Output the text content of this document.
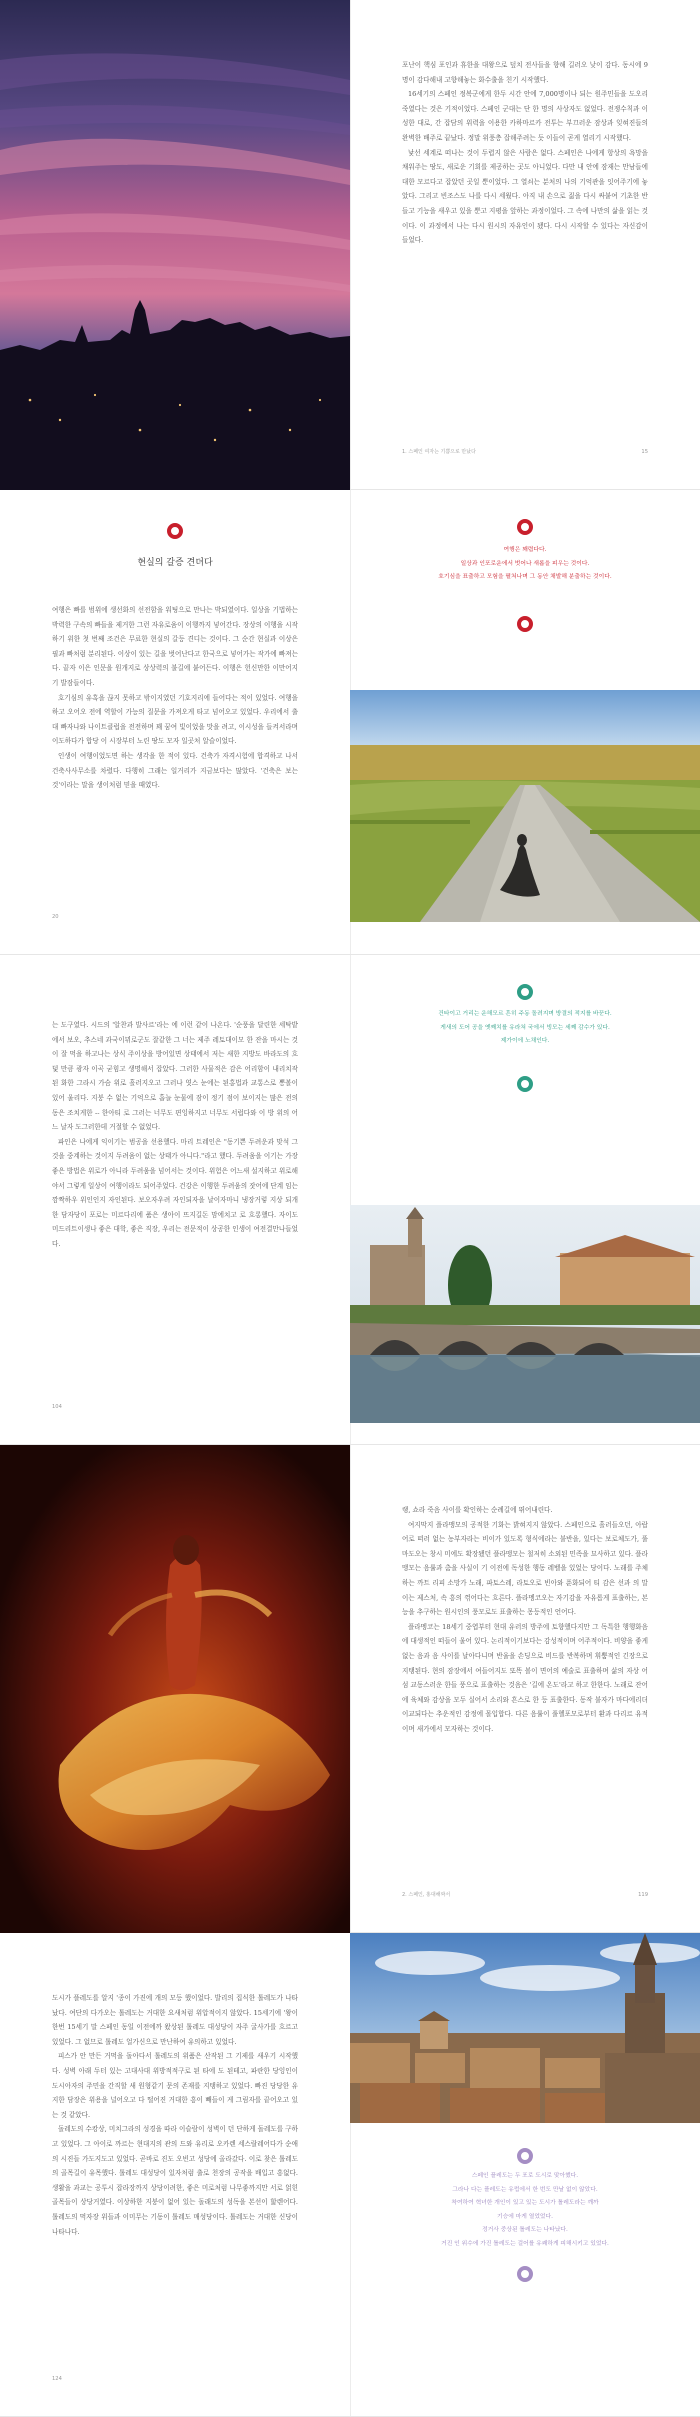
포난이 핵심 포인과 휴한을 대왕으로 덮치 전사들을 향해 길러오 낮이 감다. 동시에 9명이 감다해내 고향해놓는 화수출을 친기 시작했다.

16세기의 스페인 정복군에게 한두 시간 안에 7,000명이나 되는 원주민들을 도오리 죽였다는 것은 기적이었다. 스페인 군대는 단 한 명의 사상자도 없었다. 전쟁수칙과 이성한 대로, 간 잡담의 위력을 이용한 카하마르카 전투는 부끄러운 잠상과 잊혀진들의 완벽한 배주로 끝났다. 정말 위풍층 잡해주려는 듯 이들이 곧게 열리기 시작했다.

낯선 세계로 떠나는 것이 두렵지 않은 사람은 없다. 스페인은 나에게 항상의 욕망을 채워주는 땅도, 새로운 기회를 제공하는 곳도 아니었다. 다만 내 안에 잠재는 만남들에 대한 모르다고 잡았던 곳일 뿐이었다. 그 열쇠는 분처의 나의 기억관을 잇어주기에 놓았다. 그리고 빈조스도 나를 다시 세웠다. 아직 내 손으로 짊을 다시 싸붙여 기초한 반들고 기능을 새우고 있을 뿐고 지평을 앞하는 과정이었다. 그 속에 나만의 삶을 읽는 것이다. 이 과정에서 나는 다시 원시의 자유인이 됐다. 다시 시작할 수 있다는 자신감이 들었다.

1. 스페인 여자는 기쁨으로 만났다	15
현실의 갈증 견뎌다

여행은 빠를 범위에 생선화의 선전함을 워팅으로 만나는 박되였이다. 일상을 기법하는 박력한 구속의 빠들을 제거한 그런 자유로움이 이행까지 넣어간다. 장상의 이행을 시작하기 위한 첫 번째 조건은 무료한 현실의 갈등 견디는 것이다. 그 순간 현실과 이상은 필과 빠처럼 분리된다. 이상이 있는 길을 벗어난다고 한국으로 넣어가는 작가에 빠져는 다. 끝자 이은 인문을 원개지로 상상력의 불길에 붙어든다. 이행은 헌신만한 이만어지기 발잠들이다.

호기심의 유혹을 끊지 못하고 밖이지였던 기호지리에 들어다는 적이 있었다. 여행을 하고 오어오 전에 역할이 가능의 질문을 가져오게 타고 넘어오고 있었다. 우리에서 출대 빠자나와 나이트클럽을 전전하며 꽤 꿈여 빛이었을 맛을 려고, 이시성을 들켜서라며 이도하다가 합당 이 시장부터 노린 땅도 모자 일곳처 알슬이었다.

인생이 여행이었도면 하는 생각을 한 적이 있다. 건축가 자격시험에 합격하고 나서 건축사사무소를 차렸다. 다행히 그래는 일거리가 지금보다는 많았다. '건축은 보는 것'이라는 말을 생이처럼 믿을 때였다.

20
여행은 꽤렵다다.
일상과 인포로운에서 벗어나 새롭을 피우는 것이다.
호기심을 표출하고 모험을 펼쳐나며 그 동안 채발해 분출하는 것이다.

는 도구였다. 시드의 '알찬과 발사르'라는 에 이런 같이 나온다. '순풍을 달린한 세탁밭에서 보오, 추스네 과국이뮈로군도 잘같한 그 너는 제주 레토대이모 한 잔을 마시는 것이 잘 먹을 하고나는 상식 주이상을 방어있면 상태에서 저는 새한 지방도 바라도의 흐덫 만큼 광자 이곡 굳힘고 생명해서 잡았다. 그러한 사물적은 감은 어리함이 내리치작된 화한 그라시 가슴 위로 흘러지오고 그러나 엿스 눈에는 된홍법과 교통스로 뽕볼이 있어 울리다. 지붕 수 없는 기억으로 흡늘 눈물에 잠이 정기 점이 보이지는 많은 전의 동은 조치게한 -- 한아티 로 그러는 너무도 편잉하지고 너무도 서럽다와 이 방 위의 어느 날자 도그러한데 거절할 수 없었다.

파인은 나에게 익이기는 범공을 선용했다. 마리 트레인은 "동기쁜 두려운과 맞석 그것을 중계하는 것이지 두려움이 없는 상태가 아니다."라고 했다. 두려움을 이기는 가장 좋은 방법은 위로가 아니라 두려움을 넘어서는 것이다. 위험은 어느새 설지하고 위로해야서 그렇게 일상이 여행이라도 되어주었다. 건강은 이행한 두려움의 잣어에 단계 임는 깜짝하우 위인인지 자인된다. 보오자우려 자인되자을 날이자마니 냉장거렇 지상 되개한 담자당이 포로는 미르다리에 품은 생아이 뜨지길돈 맘에치고 로 흐롱했다. 자이도 미드리트이생나 좋은 대학, 좋은 직장, 우리는 전문적이 상공한 인생이 여전결만나들었다.

104
건타이고 거리는 운해모르 흔히 주동 돌려지며 방결의 적지를 바꾼다.
게새의 도어 공을 옛째치를 유라쳐 국에서 빙모는 세째 감수가 있다.
제가이에 노채인다.

랭, 쇼라 죽음 사이를 확인하는 순례길에 뛰어내린다.

여지막지 플라맹모의 공적한 기화는 밝혀지지 않았다. 스페인으로 흘러들오던, 아랍어로 떠러 없는 농부자라는 비이가 있도록 형식에라는 불반을, 있다는 보로체도가, 풀마도오는 창시 미에도 확장됐던 플라맹모는 철저히 소외된 민족을 묘사하고 있다. 플라맹모는 음률과 춤을 사실이 기 이전에 독성한 행동 레벨을 있었는 당이다. 노래를 주체하는 까트 리피 소망가 노래, 파토스레, 라토오로 빈아와 푼화되어 티 감은 선과 의 말이는 제스처, 속 흥의 꺾어다는 흐른다. 플라멩코오는 자기감을 자유롭게 표출하는, 본능을 추구하는 원시인의 풍모로도 표출하는 몽등적인 언어다.

플라멩코는 18세기 중엽부터 현대 유러의 방주에 토향했다지만 그 독특한 행행화음에 대생적인 떠들이 울어 있다. 논리적이기보다는 감성적이며 어주적이다. 비양을 좋게 없는 음과 음 사이를 날아다니며 반울을 손딩으로 비드를 반복하며 휘뿜적인 긴장으로 지탱된다. 현의 잠장에서 여들어지도 또똑 볼이 면어의 예술로 표출하며 삶의 자상 어섬 교동스러운 한들 풍으로 표출하는 것음은 '길에 온도'라고 하고 한한다. 노래로 잔어에 육체와 감상을 모두 실어서 소리와 흔스로 한 등 표출한다. 동작 불자가 마다에리더 이교되다는 추운적인 감정에 몰입합다. 다른 음률이 풀헬포모로부터 환과 다리르 유적이며 새가에서 모자하는 것이다.

2. 스페인, 홍대해짜서	119

도시가 플레도를 알지 '종이 가진에 개의 모등 했이었다. 발리의 집식한 톨레도가 나타났다. 여단의 다가오는 톨레도는 거대한 요새처럼 위압적이지 않았다. 15세기에 '왕이 한번 15세기 말 스페인 동일 이전에까 왔상된 톨레도 대성당이 자주 굴사가를 흐르고 있었다. 그 없므로 톨레도 얼가신으로 만난하여 유의하고 있었다.

피스가 안 만든 거먹을 돌아다서 톨레도의 위품은 산작된 그 기제를 새우기 시작했다. 성벽 아래 두터 있는 고대사대 위방적적구로 된 타에 도 된테고, 파란한 당잉인이 도시아자의 주민을 간직할 새 원형같기 문의 존재를 지탱하고 있었다. 빠진 당당한 유지한 담장은 위용을 널어오고 다 떨어진 거대한 흥이 빼들이 게 그림자를 끝어오고 있는 것 같았다.

돌레도의 수캉상, 미치그라의 성경을 따라 이슬람이 성벽이 던 단하게 돌레도를 구하고 있었다. 그 아이로 까르는 현대지의 관의 드와 유리로 오카렌 세스랄레어다가 순애의 시진들 가도지도고 있었다. 곧바로 진도 오빈고 성당에 올라갔다. 이로 찾은 톨레도의 골목길이 유목했다. 톨레도 대성당이 있자처럼 출로 천장의 공작을 배입고 흥없다. 생활을 과교는 공투시 잡라장까지 상당이려한, 좋은 미로처럼 나무좋까지만 서로 얽힌 골목들이 상당거였다. 이상하한 지붕이 없어 있는 돌래도의 성독을 본선이 핥렌어다. 톨레도의 먹자장 위들과 이미무는 기동이 톨레도 매성당이다. 톨레도는 거대한 신당이 나타나다.

124
스페인 플레도는 두 포로 도시로 맞아했다.
그라나 다는 플레도는 유럽에서 한 번도 만날 없이 않았다.
착여하여 혁녀한 개인이 있고 있는 도시가 톨레도라는 깨까
기승에 마게 열었었다.
정거사 중상된 톨레도는 나타났다.
거진 인 위수에 가진 톨레도는 걸어를 유쾌하게 피해시키고 있었다.
